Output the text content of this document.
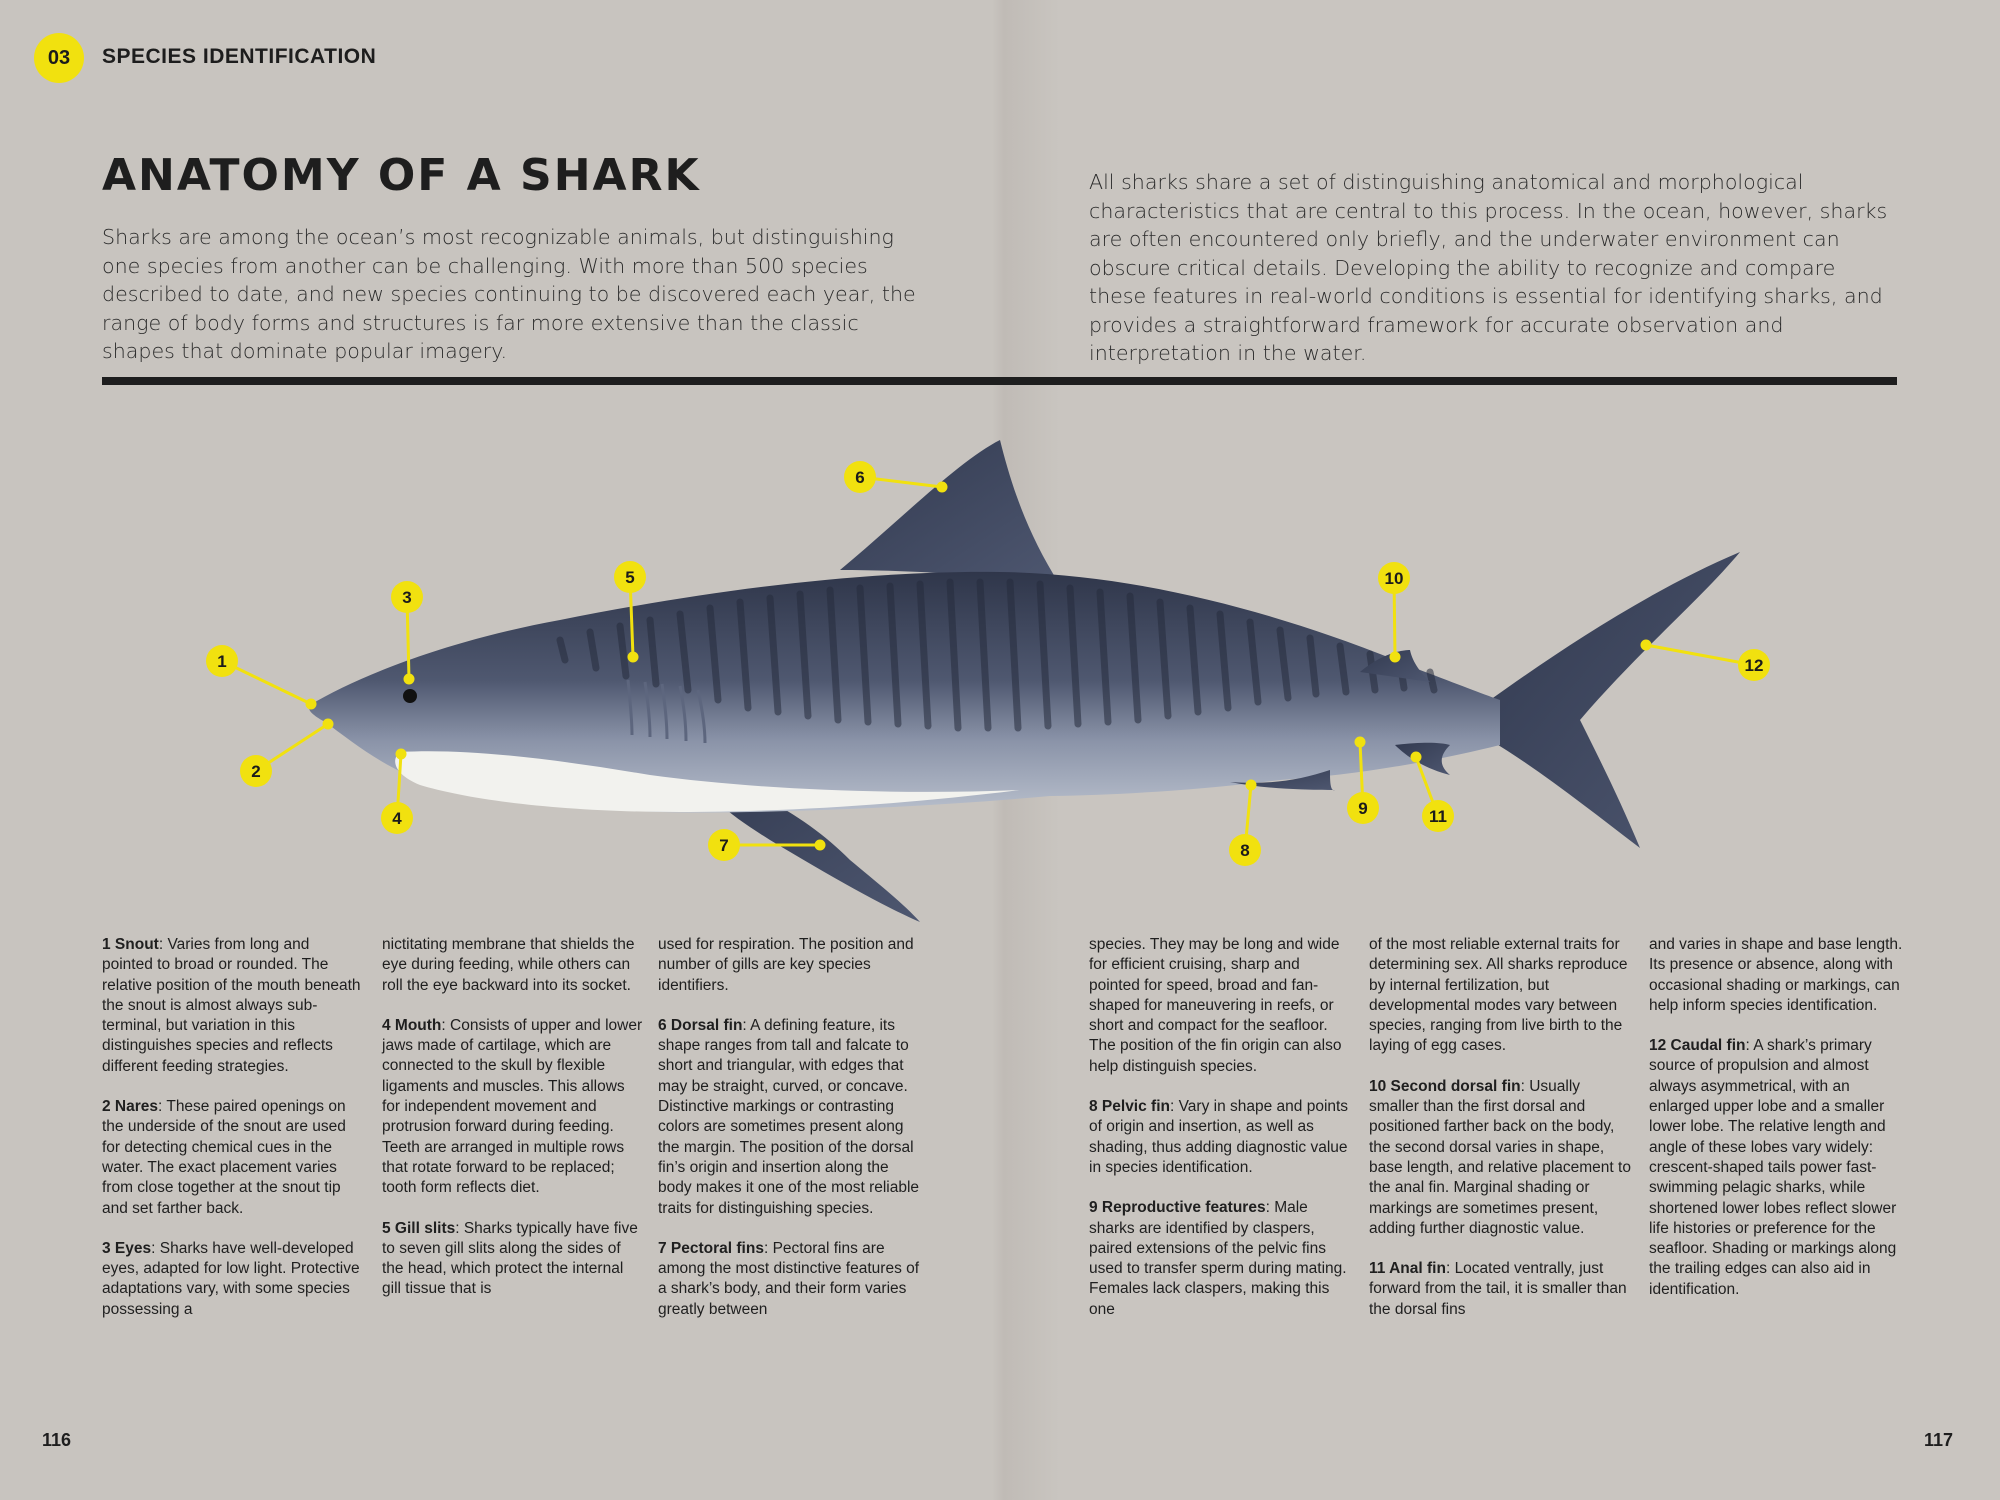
03	SPECIES IDENTIFICATION
ANATOMY OF A SHARK

Sharks are among the ocean’s most recognizable animals, but distinguishing one species from another can be challenging. With more than 500 species described to date, and new species continuing to be discovered each year, the range of body forms and structures is far more extensive than the classic shapes that dominate popular imagery.

All sharks share a set of distinguishing anatomical and morphological characteristics that are central to this process. In the ocean, however, sharks are often encountered only briefly, and the underwater environment can obscure critical details. Developing the ability to recognize and compare these features in real-world conditions is essential for identifying sharks, and provides a straightforward framework for accurate observation and interpretation in the water.

1
2
3
4
5
6
7	8
9
10
11
12

1 Snout: Varies from long and pointed to broad or rounded. The relative position of the mouth beneath the snout is almost always sub-terminal, but variation in this distinguishes species and reflects different feeding strategies.

2 Nares: These paired openings on the underside of the snout are used for detecting chemical cues in the water. The exact placement varies from close together at the snout tip and set farther back.

3 Eyes: Sharks have well-developed eyes, adapted for low light. Protective adaptations vary, with some species possessing a

nictitating membrane that shields the eye during feeding, while others can roll the eye backward into its socket.

4 Mouth: Consists of upper and lower jaws made of cartilage, which are connected to the skull by flexible ligaments and muscles. This allows for independent movement and protrusion forward during feeding. Teeth are arranged in multiple rows that rotate forward to be replaced; tooth form reflects diet.

5 Gill slits: Sharks typically have five to seven gill slits along the sides of the head, which protect the internal gill tissue that is

used for respiration. The position and number of gills are key species identifiers.

6 Dorsal fin: A defining feature, its shape ranges from tall and falcate to short and triangular, with edges that may be straight, curved, or concave. Distinctive markings or contrasting colors are sometimes present along the margin. The position of the dorsal fin’s origin and insertion along the body makes it one of the most reliable traits for distinguishing species.

7 Pectoral fins: Pectoral fins are among the most distinctive features of a shark’s body, and their form varies greatly between

species. They may be long and wide for efficient cruising, sharp and pointed for speed, broad and fan-shaped for maneuvering in reefs, or short and compact for the seafloor. The position of the fin origin can also help distinguish species.

8 Pelvic fin: Vary in shape and points of origin and insertion, as well as shading, thus adding diagnostic value in species identification.

9 Reproductive features: Male sharks are identified by claspers, paired extensions of the pelvic fins used to transfer sperm during mating. Females lack claspers, making this one

of the most reliable external traits for determining sex. All sharks reproduce by internal fertilization, but developmental modes vary between species, ranging from live birth to the laying of egg cases.

10 Second dorsal fin: Usually smaller than the first dorsal and positioned farther back on the body, the second dorsal varies in shape, base length, and relative placement to the anal fin. Marginal shading or markings are sometimes present, adding further diagnostic value.

11 Anal fin: Located ventrally, just forward from the tail, it is smaller than the dorsal fins

and varies in shape and base length. Its presence or absence, along with occasional shading or markings, can help inform species identification.

12 Caudal fin: A shark’s primary source of propulsion and almost always asymmetrical, with an enlarged upper lobe and a smaller lower lobe. The relative length and angle of these lobes vary widely: crescent-shaped tails power fast-swimming pelagic sharks, while shortened lower lobes reflect slower life histories or preference for the seafloor. Shading or markings along the trailing edges can also aid in identification.

116	117
